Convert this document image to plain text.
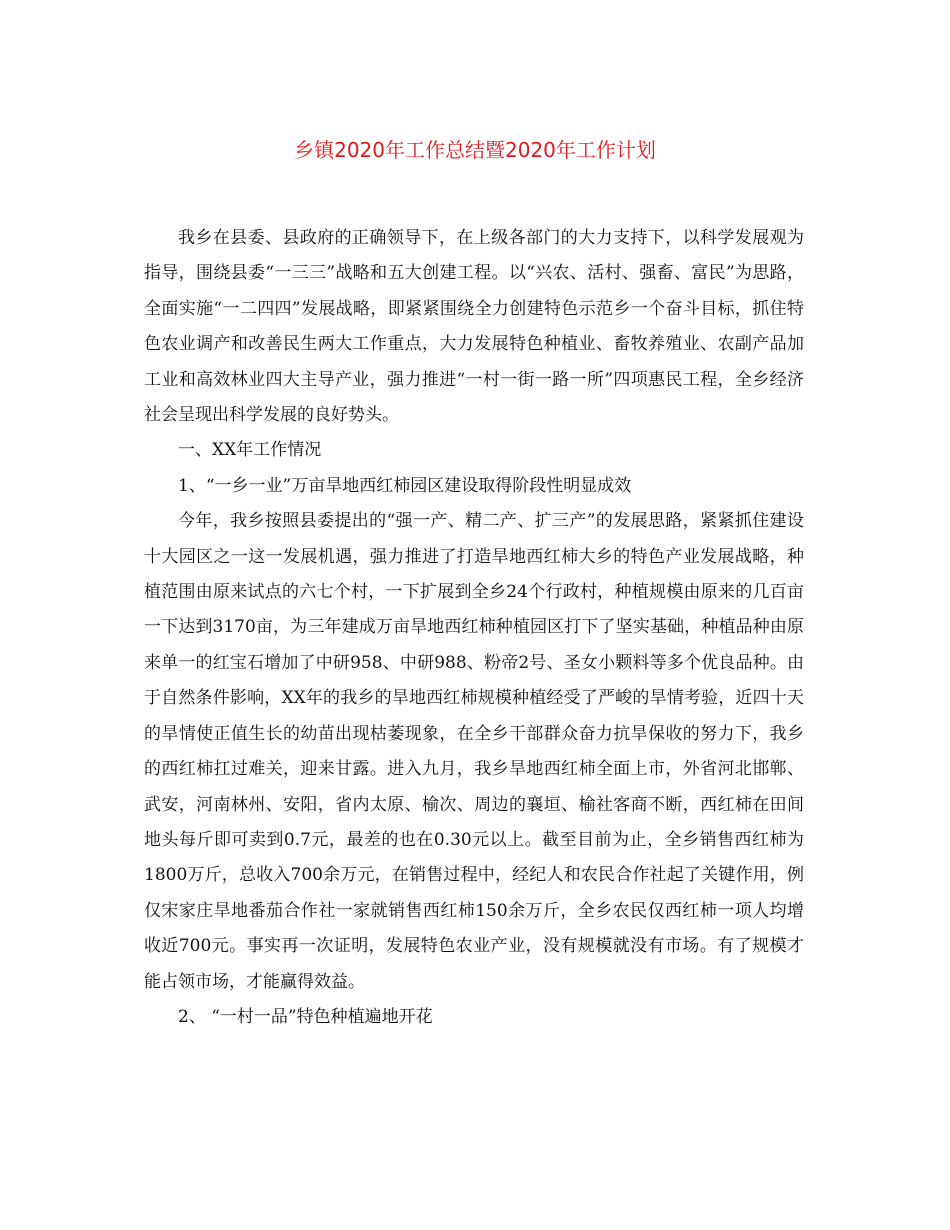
乡镇2020年工作总结暨2020年工作计划

我乡在县委、县政府的正确领导下，在上级各部门的大力支持下，以科学发展观为指导，围绕县委“一三三”战略和五大创建工程。以“兴农、活村、强畜、富民”为思路，全面实施“一二四四”发展战略，即紧紧围绕全力创建特色示范乡一个奋斗目标，抓住特色农业调产和改善民生两大工作重点，大力发展特色种植业、畜牧养殖业、农副产品加工业和高效林业四大主导产业，强力推进“一村一街一路一所”四项惠民工程，全乡经济社会呈现出科学发展的良好势头。

一、XX年工作情况

1、“一乡一业”万亩旱地西红柿园区建设取得阶段性明显成效

今年，我乡按照县委提出的“强一产、精二产、扩三产”的发展思路，紧紧抓住建设十大园区之一这一发展机遇，强力推进了打造旱地西红柿大乡的特色产业发展战略，种植范围由原来试点的六七个村，一下扩展到全乡24个行政村，种植规模由原来的几百亩一下达到3170亩，为三年建成万亩旱地西红柿种植园区打下了坚实基础，种植品种由原来单一的红宝石增加了中研958、中研988、粉帝2号、圣女小颗料等多个优良品种。由于自然条件影响，XX年的我乡的旱地西红柿规模种植经受了严峻的旱情考验，近四十天的旱情使正值生长的幼苗出现枯萎现象，在全乡干部群众奋力抗旱保收的努力下，我乡的西红柿扛过难关，迎来甘露。进入九月，我乡旱地西红柿全面上市，外省河北邯郸、武安，河南林州、安阳，省内太原、榆次、周边的襄垣、榆社客商不断，西红柿在田间地头每斤即可卖到0.7元，最差的也在0.30元以上。截至目前为止，全乡销售西红柿为1800万斤，总收入700余万元，在销售过程中，经纪人和农民合作社起了关键作用，例仅宋家庄旱地番茄合作社一家就销售西红柿150余万斤，全乡农民仅西红柿一项人均增收近700元。事实再一次证明，发展特色农业产业，没有规模就没有市场。有了规模才能占领市场，才能赢得效益。

2、 “一村一品”特色种植遍地开花
